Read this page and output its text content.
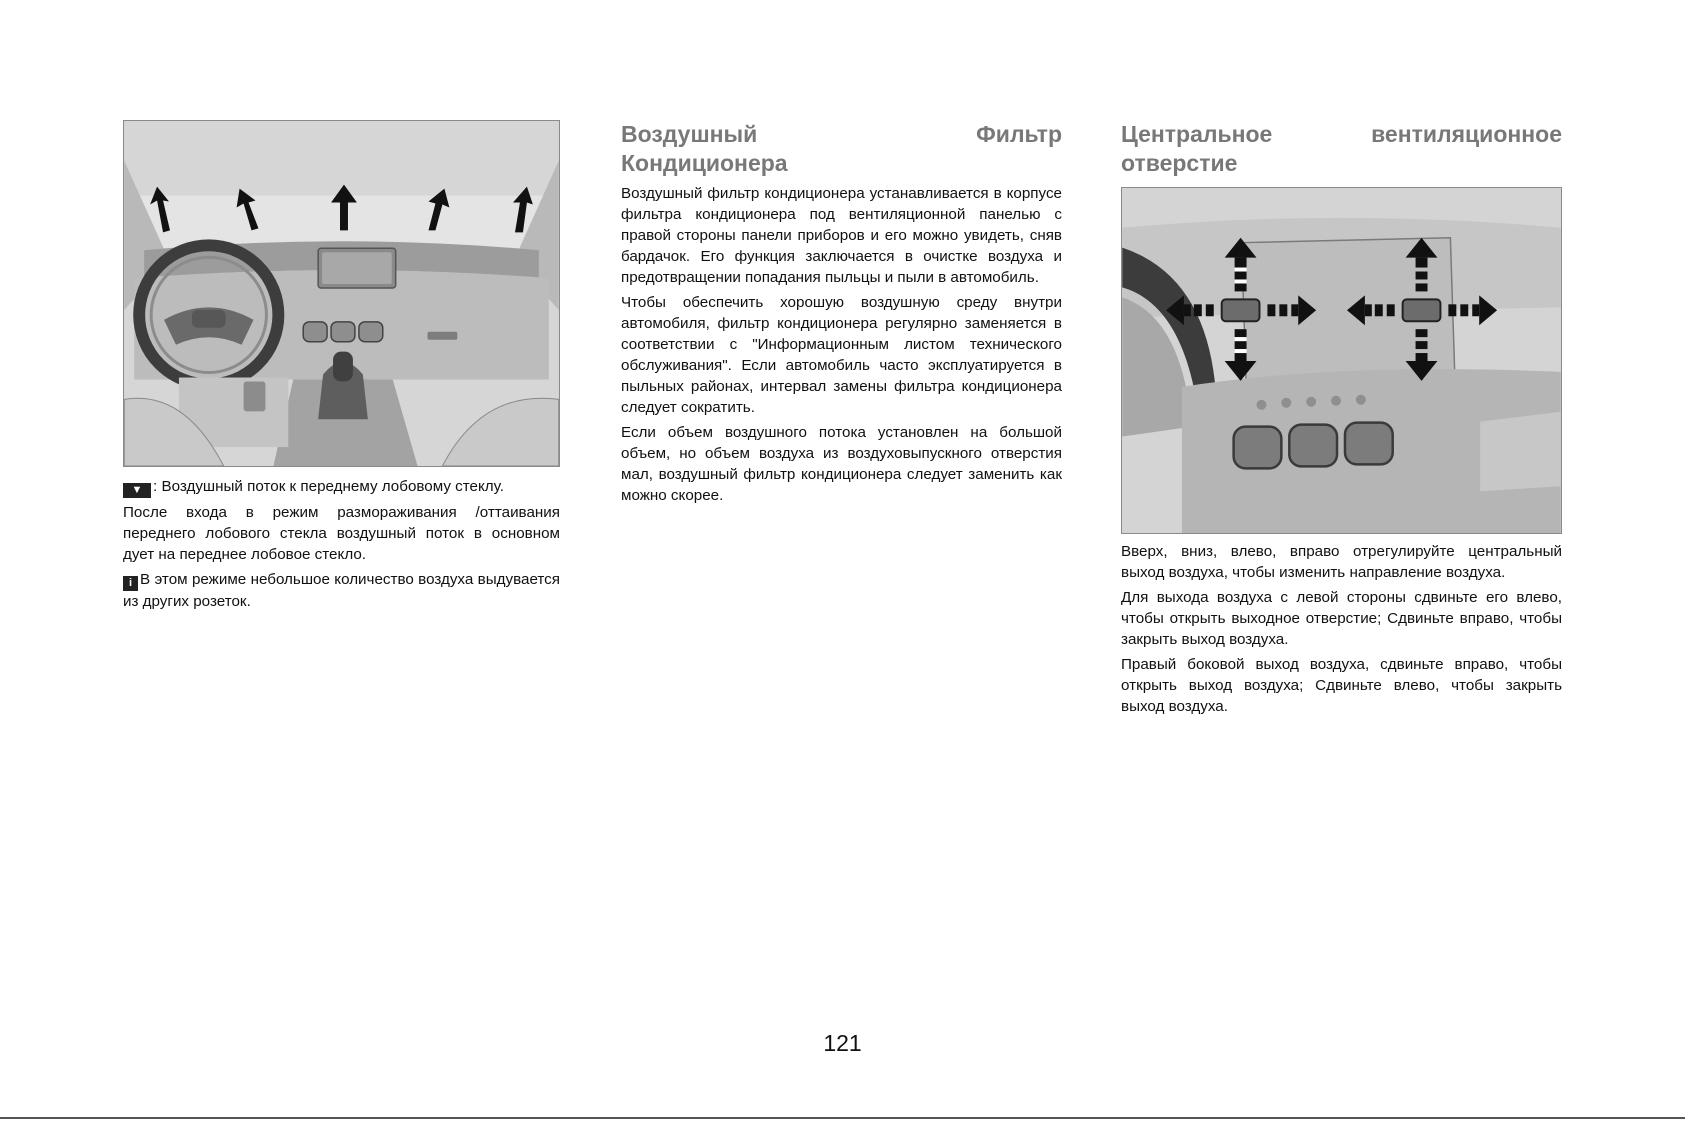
▼ : Воздушный поток к переднему лобовому стеклу.

После входа в режим размораживания /оттаивания переднего лобового стекла воздушный поток в основном дует на переднее лобовое стекло.

i В этом режиме небольшое количество воздуха выдувается из других розеток.

Воздушный Фильтр
Кондиционера

Воздушный фильтр кондиционера устанавливается в корпусе фильтра кондиционера под вентиляционной панелью с правой стороны панели приборов и его можно увидеть, сняв бардачок. Его функция заключается в очистке воздуха и предотвращении попадания пыльцы и пыли в автомобиль.

Чтобы обеспечить хорошую воздушную среду внутри автомобиля, фильтр кондиционера регулярно заменяется в соответствии с "Информационным листом технического обслуживания". Если автомобиль часто эксплуатируется в пыльных районах, интервал замены фильтра кондиционера следует сократить.

Если объем воздушного потока установлен на большой объем, но объем воздуха из воздуховыпускного отверстия мал, воздушный фильтр кондиционера следует заменить как можно скорее.

Центральное вентиляционное
отверстие

Вверх, вниз, влево, вправо отрегулируйте центральный выход воздуха, чтобы изменить направление воздуха.

Для выхода воздуха с левой стороны сдвиньте его влево, чтобы открыть выходное отверстие; Сдвиньте вправо, чтобы закрыть выход воздуха.

Правый боковой выход воздуха, сдвиньте вправо, чтобы открыть выход воздуха; Сдвиньте влево, чтобы закрыть выход воздуха.

121
